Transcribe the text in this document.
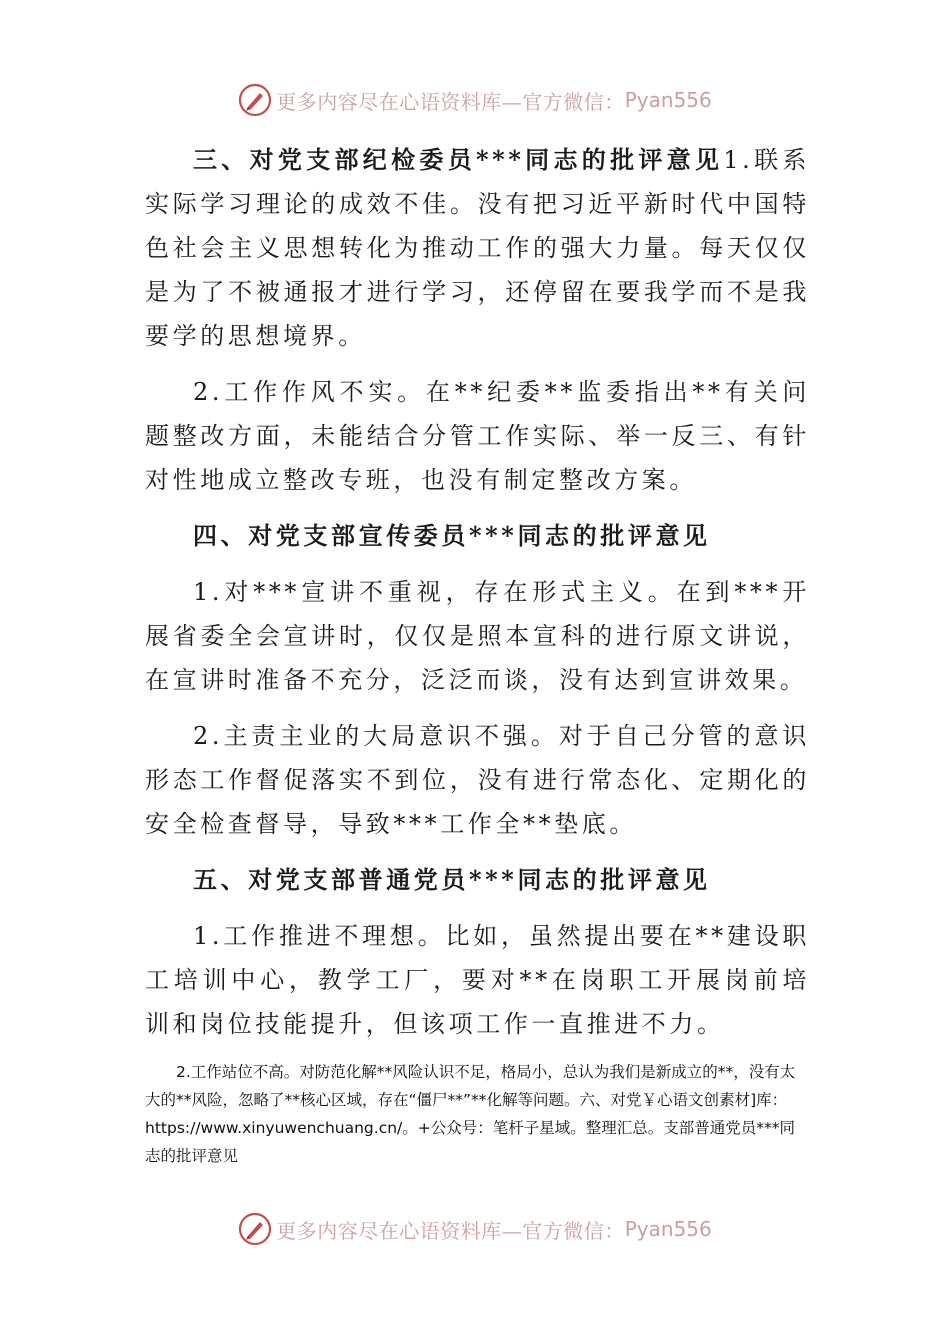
更多内容尽在心语资料库—官方微信： Pyan556

三、对党支部纪检委员***同志的批评意见1.联系实际学习理论的成效不佳。没有把习近平新时代中国特色社会主义思想转化为推动工作的强大力量。每天仅仅是为了不被通报才进行学习，还停留在要我学而不是我要学的思想境界。

2.工作作风不实。在**纪委**监委指出**有关问题整改方面，未能结合分管工作实际、举一反三、有针对性地成立整改专班，也没有制定整改方案。

四、对党支部宣传委员***同志的批评意见

1.对***宣讲不重视，存在形式主义。在到***开展省委全会宣讲时，仅仅是照本宣科的进行原文讲说，在宣讲时准备不充分，泛泛而谈，没有达到宣讲效果。

2.主责主业的大局意识不强。对于自己分管的意识形态工作督促落实不到位，没有进行常态化、定期化的安全检查督导，导致***工作全**垫底。

五、对党支部普通党员***同志的批评意见

1.工作推进不理想。比如，虽然提出要在**建设职工培训中心，教学工厂，要对**在岗职工开展岗前培训和岗位技能提升，但该项工作一直推进不力。

2.工作站位不高。对防范化解**风险认识不足，格局小，总认为我们是新成立的**，没有太大的**风险，忽略了**核心区域，存在“僵尸**”**化解等问题。六、对党￥心语文创素材]库：https://www.xinyuwenchuang.cn/。+公众号：笔杆子星域。整理汇总。支部普通党员***同志的批评意见

更多内容尽在心语资料库—官方微信： Pyan556
